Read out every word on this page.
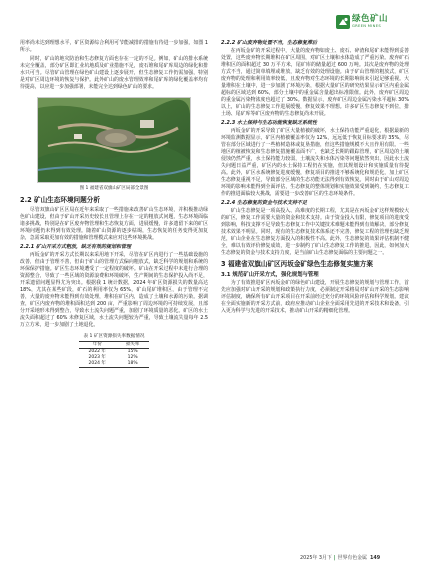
绿色矿山
GREEN MINES

用率尚未达到理想水平，矿区资源综合利用可节能减排的措施有待进一步加强，如图 1 所示。

同时，矿山的地灾防治和生态修复方面也存在一定的不足。例如，矿山的排水系统未完全覆盖，部分矿区即汇业坑地质及矿业措施不足，废石堆和尾矿库周边的绿化和排水只可当。尽管矿山管理在绿色矿山建设上逐步展开，但生态修复工作仍需加强，特别是对矿区周边环境的恢复与保护。此外矿山的废水管理效率和尾矿库的绿化覆盖率均有待提高，以应进一步加强部署，未能完全达到绿色矿山的要求。

图 1 福建省双旗山矿区局部全景图
2.2 矿山生态环境问题分析

尽管双旗山矿区区局在近年来采取了一些措施来改善矿山生态环境，并积极推动绿色矿山建设，但由于矿山开采历史较长且管理上存在一定的粗放式问题，生态环境面临诸多挑战，特别是在矿区废弃物管理和生态恢复方面，进展缓慢，许多遗留下来的矿区环境问题仍未得到有效处理。随着矿山资源的逐步枯竭，生态恢复的任务变得更加复杂，急需采取更加有效的措施和管理模式来应对这些环境挑战。

2.2.1 矿山开采方式粗放，缺乏有效的规划和管理

丙坂金矿的开采方式长期以来采用地下开采，尽管在矿区内进行了一些基础设施的改善，但由于管理不善，但由于矿山的管理方式偏向粗放式，缺乏科学的规划和系统的环保保护措施。矿区生态环境遭受了一定程度的破坏。矿山在开采过程中未进行合理的资源整合，导致了一些区域的资源浪费和环境破坏，生产期间的生态保护投入尚不足，开采遗留问题显得尤为突出。根据我 1 统计数据，2024 年矿区资源损失的数量高达 18%，尤其在某些矿段，矿石的利用率仅为 65%，矿山尾矿堆积区，由于管理不完善，大量的废弃物未能得到有效处理，堆积在矿区内，造成了土壤和水源的污染。据调查，矿区内废弃物的堆积面积达到 200 亩，严重影响了周边环境的可持续发展，且部分开采地形未得到整合，导致水土流失问题严重，加剧了环境质量的恶化。矿区的水土流失面积超过了 60% 未修复区域，水土流失问题较为严重，导致土壤流失量每年 2.5 万立方米，进一步加剧了土地退化。

表 1 矿区资源损失率数据情况
年份	损失率
2022 年	15%
2023 年	12%
2024 年	18%
2.2.2 矿山废弃物处置不当，生态修复滞后

在丙坂金矿的开采过程中，大量的废弃物如废土、废石、碎渣和尾矿未能得到妥善处置，这些废弃物长期堆积在矿区周围，对矿区土壤和水体造成了严重污染。废弃矿石堆积区的面积超过 30 万平方米，尾矿库的储量超过 600 万吨。其次是废弃物的处理方式不当，通过简单填埋或堆放，缺乏有效的处理设施。由于矿山管理的粗放式，矿区废弃物的处理和利用效率较低，且废弃物对生态环境的长期影响尚未引起足够重视。大量堆积在土壤中，进一步加剧了环境污染，根据大量矿区的研究结果显示矿区内重金属超标的区域达到 60%，部分土壤中的重金属含量超出标准限值。此外，废弃矿区周边的重金属污染物浓度也超过了 30%。数据显示，废弃矿区周边金属污染水平超标 30% 以上，矿山的生态修复工作进展缓慢，修复效果不理想。许多矿区生态修复不到位，排土场、尾矿库等矿区废弃物的生态修复尚未开展。

2.2.3 水土保持与生态功能恢复缺乏系统性

丙坂金矿的开采导致了矿区大量植被的破坏，水土保持功能严重退化，根据最新的环境监测数据显示，矿区内植被覆盖率仅为 12%，远远低于恢复目标要求的 35%，尽管在部分区域进行了一些植树造林或复垦措施，但这些措施规模不大且作用有限。一些地区的植被恢复和生态修复措施覆盖面不广，也缺乏长期的跟踪管理，矿区周边的土壤侵蚀仍然严重，水土保持能力较弱，土壤流失和水体污染等问题依然突出，因此水土流失问题日益严重，矿区内的水土保持工程仍在实施，但其规划设计和实施质量有待提高。此外，矿区水系统修复进度缓慢，修复项目的推进不够系统化和规范化，加上矿区生态修复重视不足，导致部分区域的生态功能无法得到有效恢复。同时由于矿山对周边环境的影响未能得到全面评估，生态修复的整体规划和实施效果受到制约，生态修复工作的推进面临较大挑战，需要进一步改善矿区的生态环境条件。

2.2.4 生态修复的资金与技术支持不足

矿山生态修复是一项高投入、高难度的长期工程，尤其是在丙坂金矿这样规模较大的矿区，修复工作需要大量的资金和技术支持。由于资金投入有限，修复项目的进度受到影响，科技支撑不足导致生态修复工作中关键技术难题未能得到有效解决，部分修复技术效果不明显。同时，现有的生态修复技术体系还不完善，修复工程的管理也缺乏规范，矿山企业在生态修复方面投入的积极性不高。此外，生态修复的效果评估机制不健全，难以有效评价修复成效，进一步制约了矿山生态修复工作的推进。因此，如何加大生态修复的资金与技术支持力度，是当前矿山生态修复面临的主要问题之一。

3 福建省双旗山矿区丙坂金矿绿色生态修复实施方案
3.1 规范矿山开采方式，强化规划与管理

为了有效推进矿区丙坂金矿的绿色矿山建设，开展生态修复的规划与管理工作，首先应加强对矿山开采的规划和政策执行力度，必须制定开采格局对矿山开采的生态影响评估制度，确保所有矿山开采项目在开采前经过充分的环境风险评估和科学规划。建议在全面实施新的开采方式前，政府应推动矿山企业全面采用先进的开采技术和设备，引入更为科学与先进的开采技术，推动矿山开采的精细化管理。

2025年 3月下 | 世界有色金属 149
